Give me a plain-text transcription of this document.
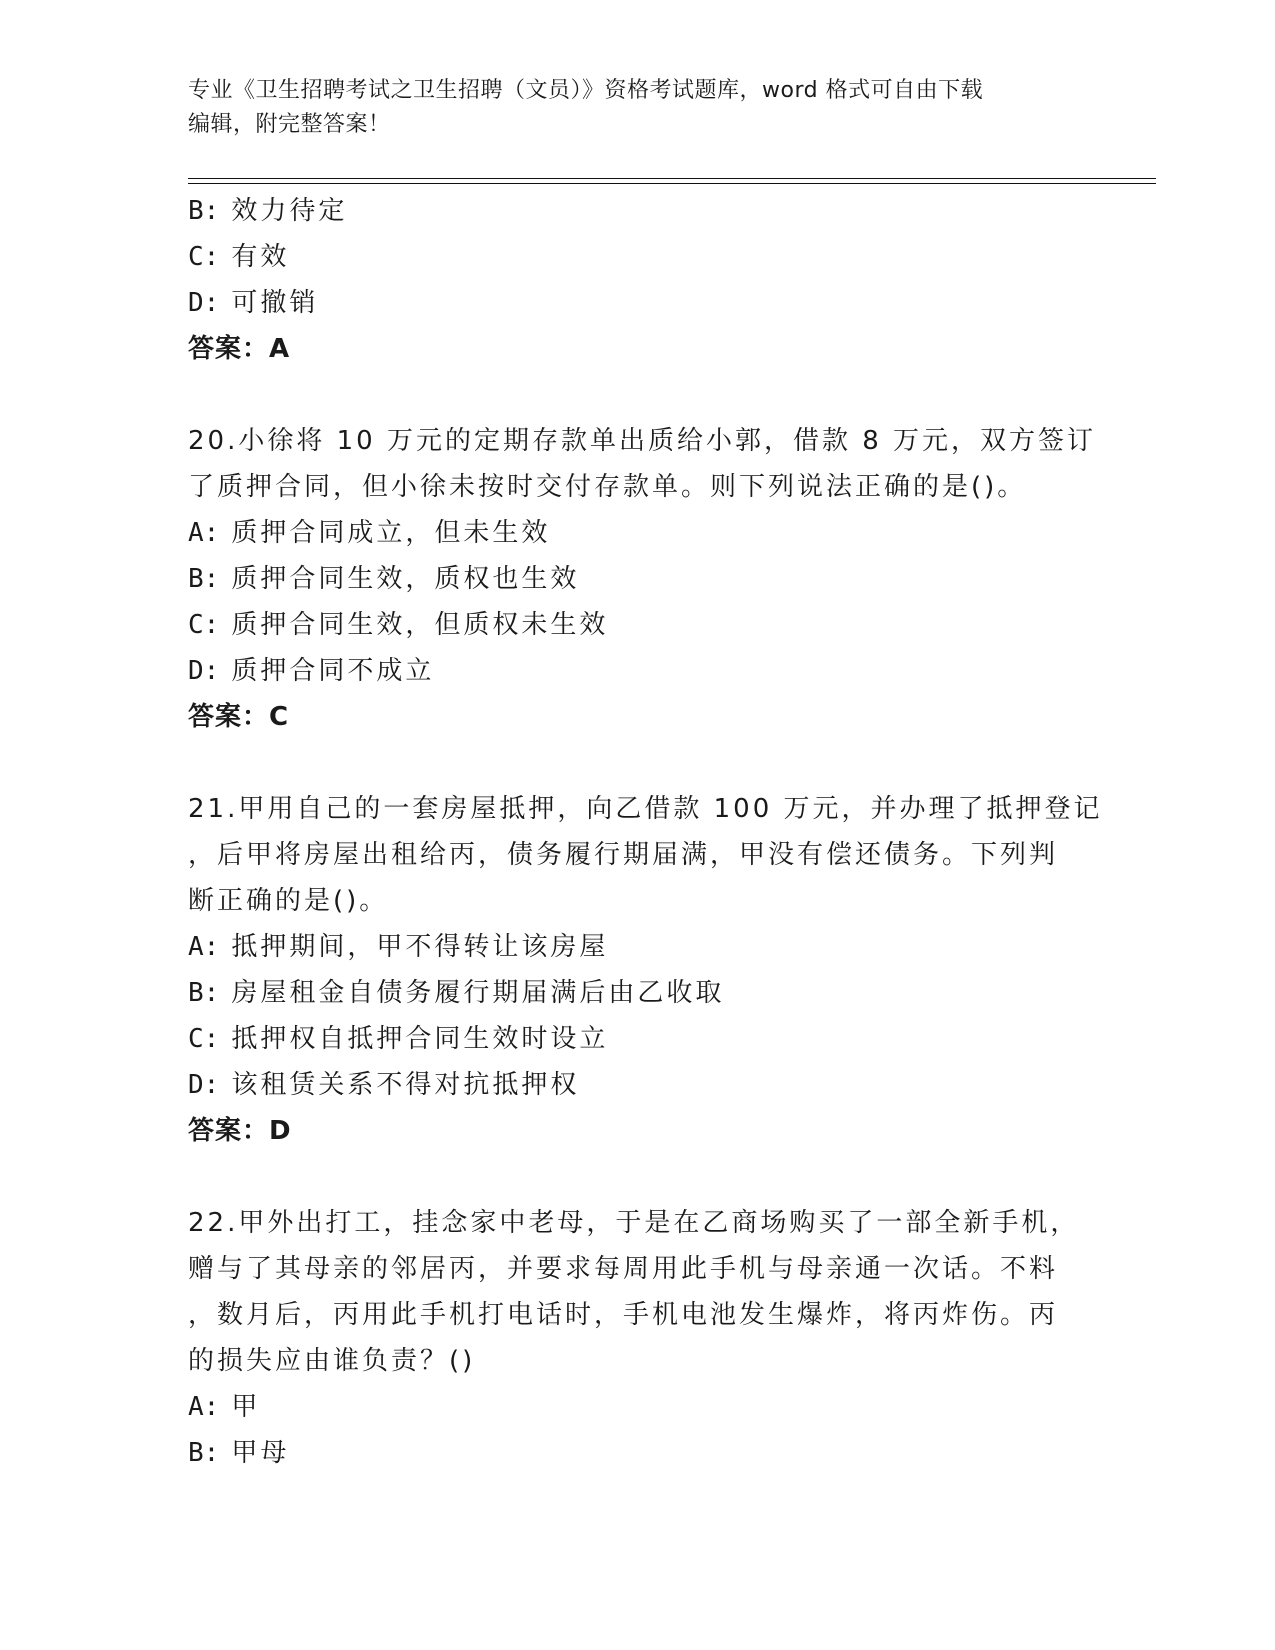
专业《卫生招聘考试之卫生招聘（文员）》资格考试题库，word 格式可自由下载
编辑，附完整答案！
B: 效力待定
C: 有效
D: 可撤销
答案：A
20.小徐将 10 万元的定期存款单出质给小郭，借款 8 万元，双方签订
了质押合同，但小徐未按时交付存款单。则下列说法正确的是()。
A: 质押合同成立，但未生效
B: 质押合同生效，质权也生效
C: 质押合同生效，但质权未生效
D: 质押合同不成立
答案：C
21.甲用自己的一套房屋抵押，向乙借款 100 万元，并办理了抵押登记
，后甲将房屋出租给丙，债务履行期届满，甲没有偿还债务。下列判
断正确的是()。
A: 抵押期间，甲不得转让该房屋
B: 房屋租金自债务履行期届满后由乙收取
C: 抵押权自抵押合同生效时设立
D: 该租赁关系不得对抗抵押权
答案：D
22.甲外出打工，挂念家中老母，于是在乙商场购买了一部全新手机，
赠与了其母亲的邻居丙，并要求每周用此手机与母亲通一次话。不料
，数月后，丙用此手机打电话时，手机电池发生爆炸，将丙炸伤。丙
的损失应由谁负责？()
A: 甲
B: 甲母
